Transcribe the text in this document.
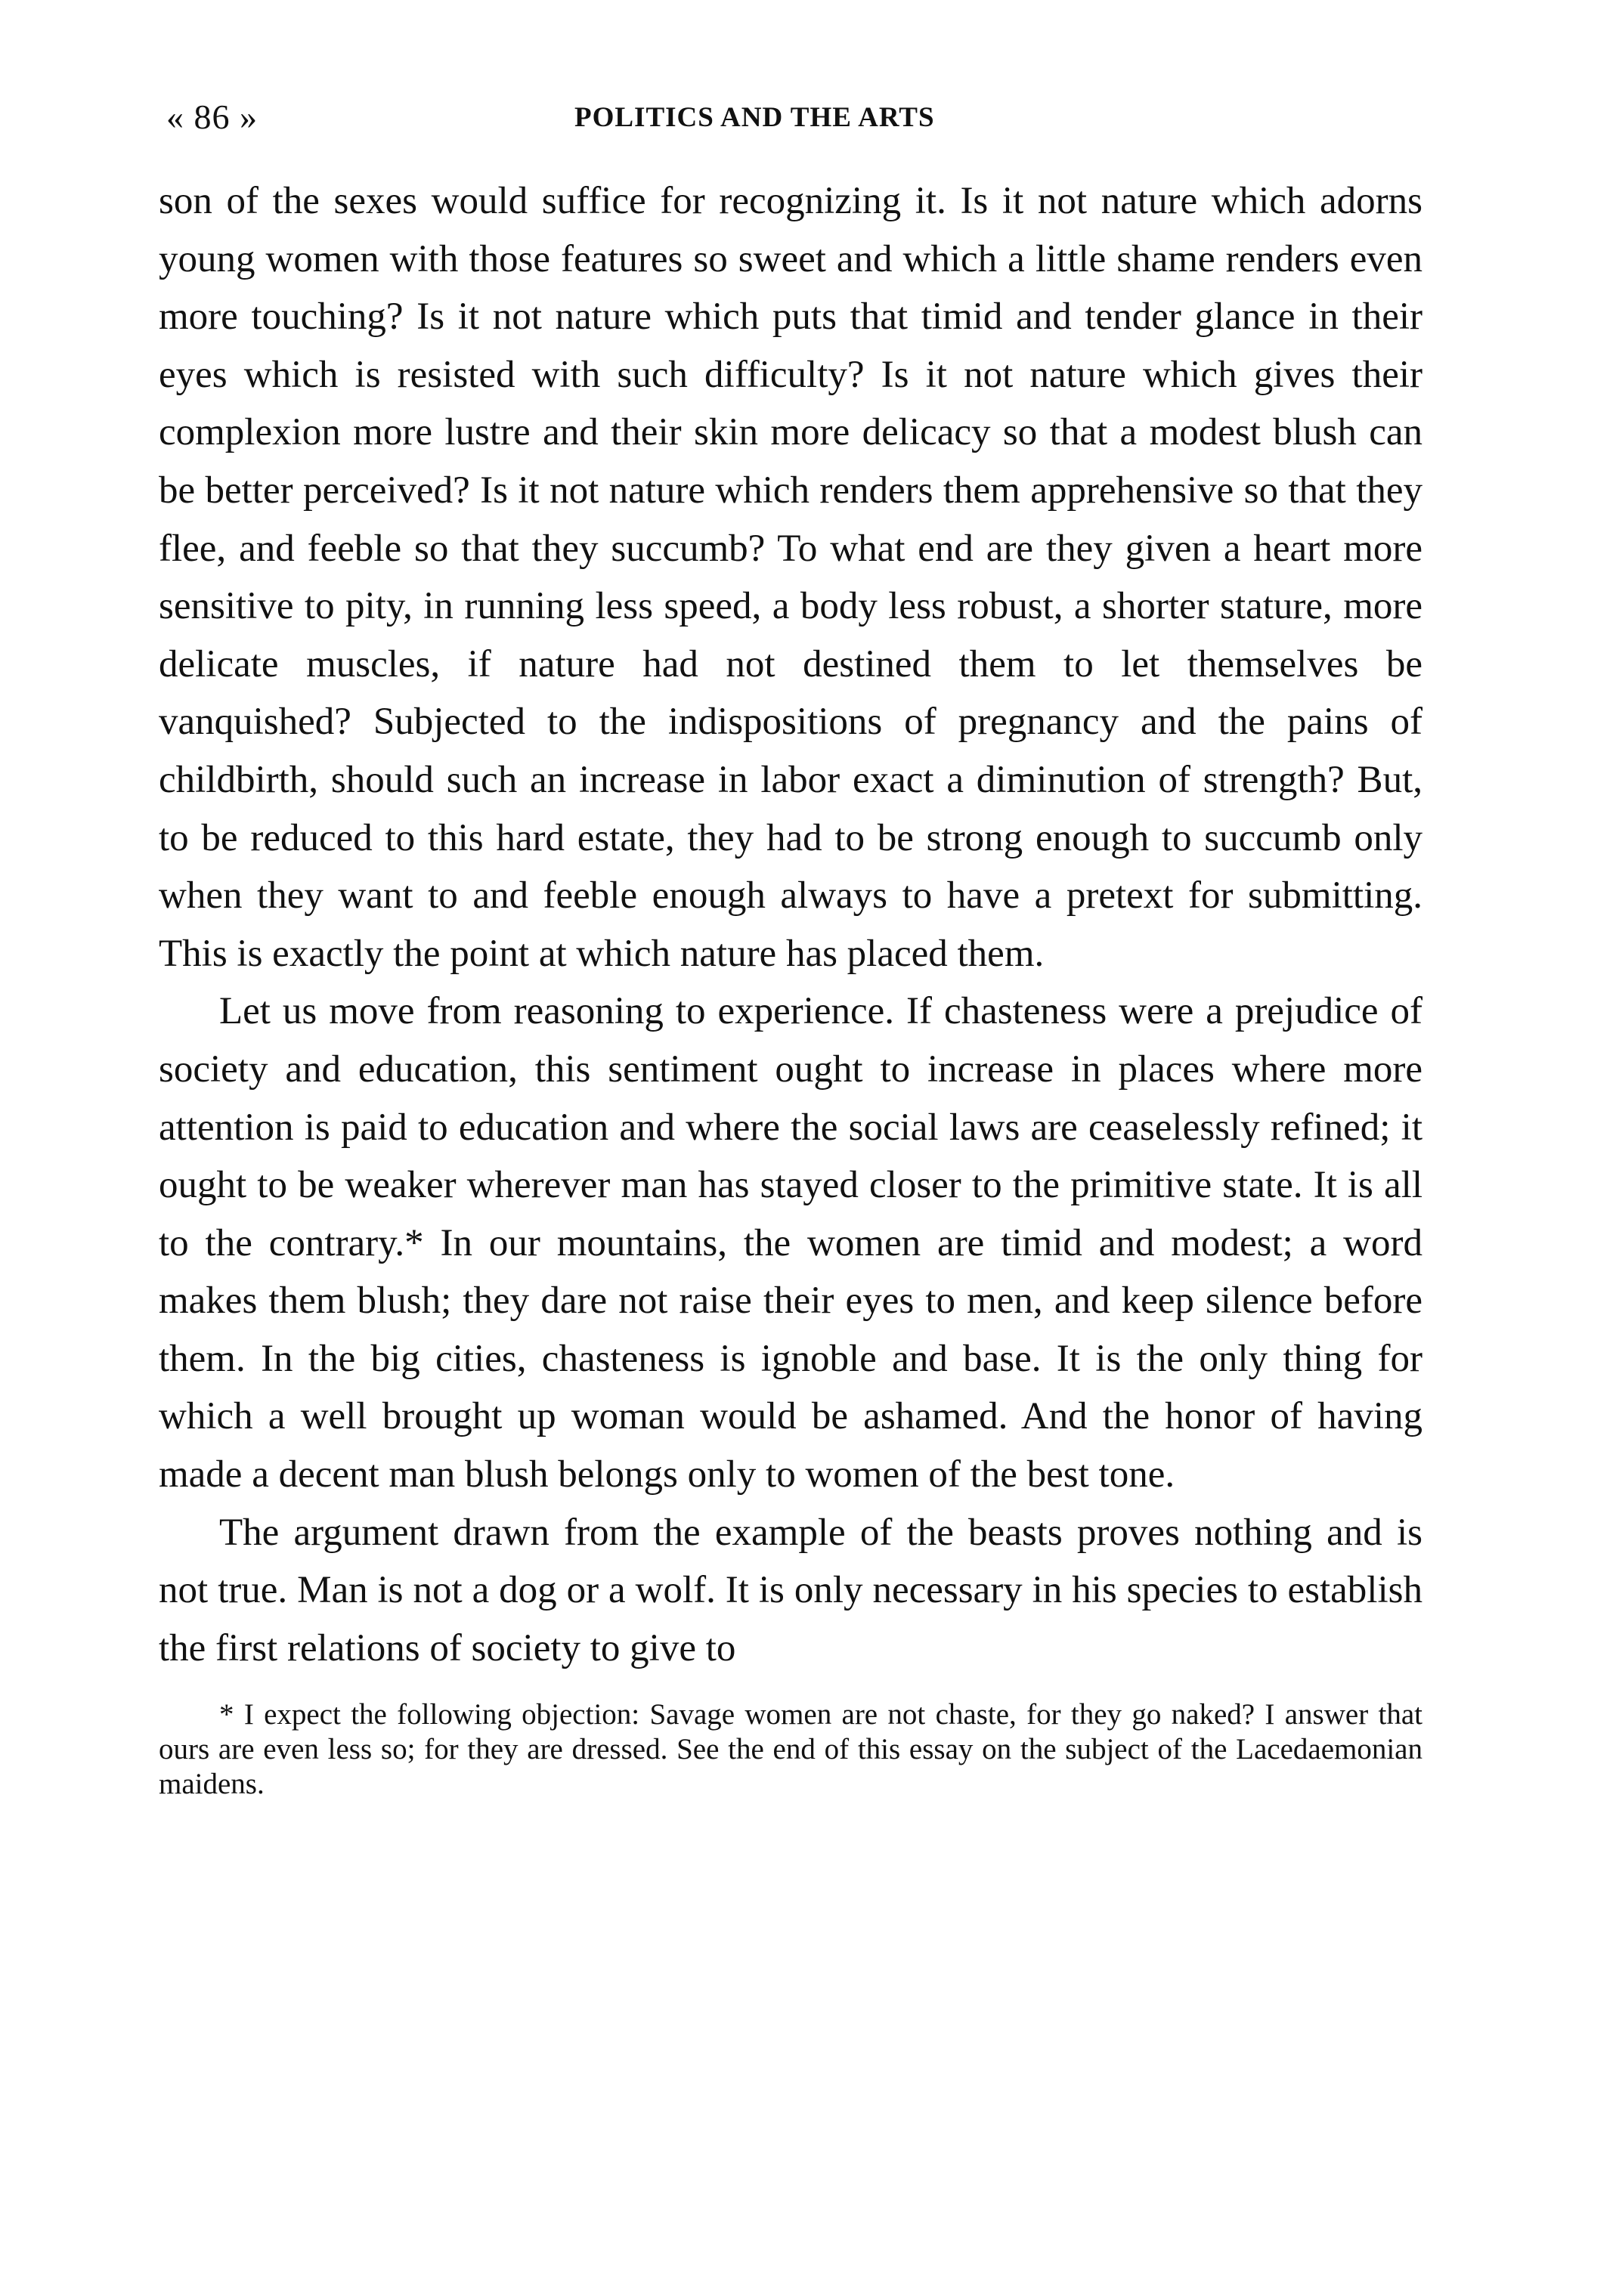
« 86 »	POLITICS AND THE ARTS

son of the sexes would suffice for recognizing it. Is it not nature which adorns young women with those features so sweet and which a little shame renders even more touching? Is it not nature which puts that timid and tender glance in their eyes which is resisted with such difficulty? Is it not nature which gives their complexion more lustre and their skin more delicacy so that a modest blush can be better perceived? Is it not nature which renders them apprehensive so that they flee, and feeble so that they succumb? To what end are they given a heart more sensitive to pity, in running less speed, a body less robust, a shorter stature, more delicate muscles, if nature had not destined them to let themselves be vanquished? Subjected to the indispositions of pregnancy and the pains of childbirth, should such an increase in labor exact a diminution of strength? But, to be reduced to this hard estate, they had to be strong enough to succumb only when they want to and feeble enough always to have a pretext for submitting. This is exactly the point at which nature has placed them.

Let us move from reasoning to experience. If chasteness were a prejudice of society and education, this sentiment ought to increase in places where more attention is paid to education and where the social laws are ceaselessly refined; it ought to be weaker wherever man has stayed closer to the primitive state. It is all to the contrary.* In our mountains, the women are timid and modest; a word makes them blush; they dare not raise their eyes to men, and keep silence before them. In the big cities, chasteness is ignoble and base. It is the only thing for which a well brought up woman would be ashamed. And the honor of having made a decent man blush belongs only to women of the best tone.

The argument drawn from the example of the beasts proves nothing and is not true. Man is not a dog or a wolf. It is only necessary in his species to establish the first relations of society to give to

* I expect the following objection: Savage women are not chaste, for they go naked? I answer that ours are even less so; for they are dressed. See the end of this essay on the subject of the Lacedaemonian maidens.
